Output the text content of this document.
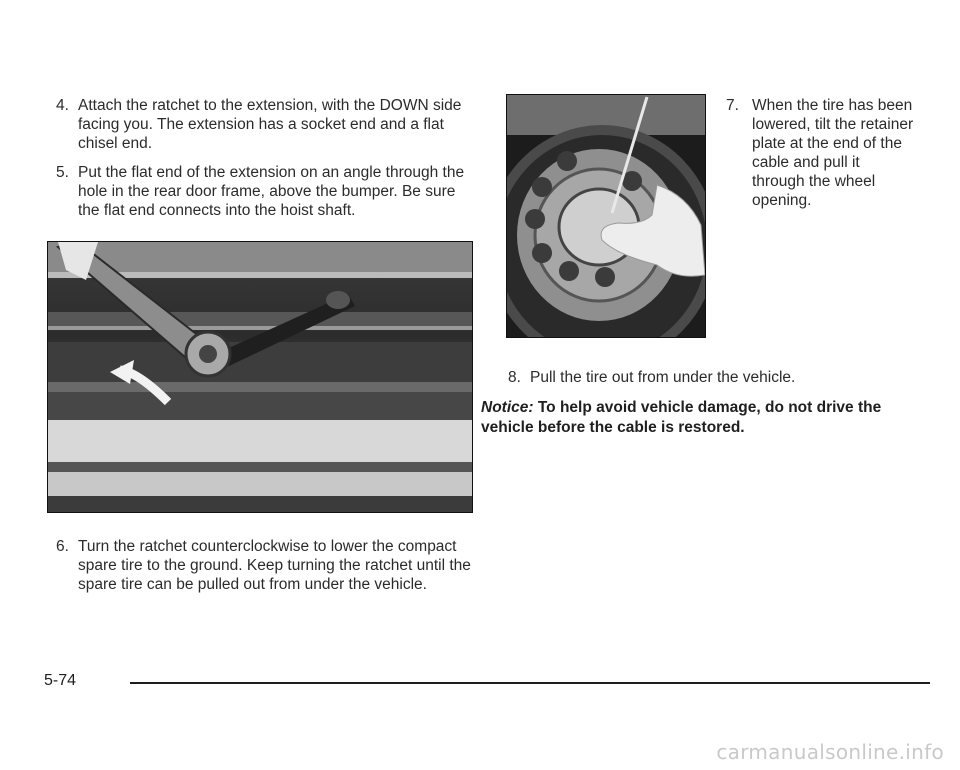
4. Attach the ratchet to the extension, with the DOWN side facing you. The extension has a socket end and a flat chisel end.

5. Put the flat end of the extension on an angle through the hole in the rear door frame, above the bumper. Be sure the flat end connects into the hoist shaft.

6. Turn the ratchet counterclockwise to lower the compact spare tire to the ground. Keep turning the ratchet until the spare tire can be pulled out from under the vehicle.

7. When the tire has been lowered, tilt the retainer plate at the end of the cable and pull it through the wheel opening.

8. Pull the tire out from under the vehicle.

Notice: To help avoid vehicle damage, do not drive the vehicle before the cable is restored.
5-74
carmanualsonline.info
